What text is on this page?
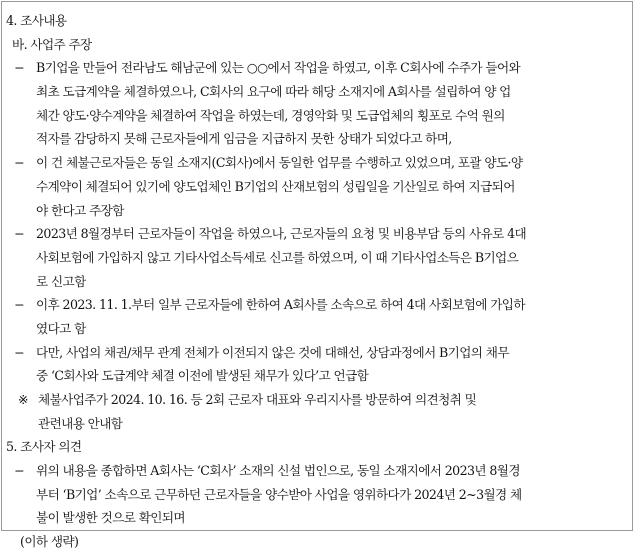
4. 조사내용
바. 사업주 주장
− B기업을 만들어 전라남도 해남군에 있는 ○○에서 작업을 하였고, 이후 C회사에 수주가 들어와
최초 도급계약을 체결하였으나, C회사의 요구에 따라 해당 소재지에 A회사를 설립하여 양 업
체간 양도·양수계약을 체결하여 작업을 하였는데, 경영악화 및 도급업체의 횡포로 수억 원의
적자를 감당하지 못해 근로자들에게 임금을 지급하지 못한 상태가 되었다고 하며,
− 이 건 체불근로자들은 동일 소재지(C회사)에서 동일한 업무를 수행하고 있었으며, 포괄 양도·양
수계약이 체결되어 있기에 양도업체인 B기업의 산재보험의 성립일을 기산일로 하여 지급되어
야 한다고 주장함
− 2023년 8월경부터 근로자들이 작업을 하였으나, 근로자들의 요청 및 비용부담 등의 사유로 4대
사회보험에 가입하지 않고 기타사업소득세로 신고를 하였으며, 이 때 기타사업소득은 B기업으
로 신고함
− 이후 2023. 11. 1.부터 일부 근로자들에 한하여 A회사를 소속으로 하여 4대 사회보험에 가입하
였다고 함
− 다만, 사업의 채권/채무 관계 전체가 이전되지 않은 것에 대해선, 상담과정에서 B기업의 채무
중 ‘C회사와 도급계약 체결 이전에 발생된 채무가 있다’고 언급함
※ 체불사업주가 2024. 10. 16. 등 2회 근로자 대표와 우리지사를 방문하여 의견청취 및
관련내용 안내함
5. 조사자 의견
− 위의 내용을 종합하면 A회사는 ‘C회사’ 소재의 신설 법인으로, 동일 소재지에서 2023년 8월경
부터 ‘B기업’ 소속으로 근무하던 근로자들을 양수받아 사업을 영위하다가 2024년 2~3월경 체
불이 발생한 것으로 확인되며
(이하 생략)
